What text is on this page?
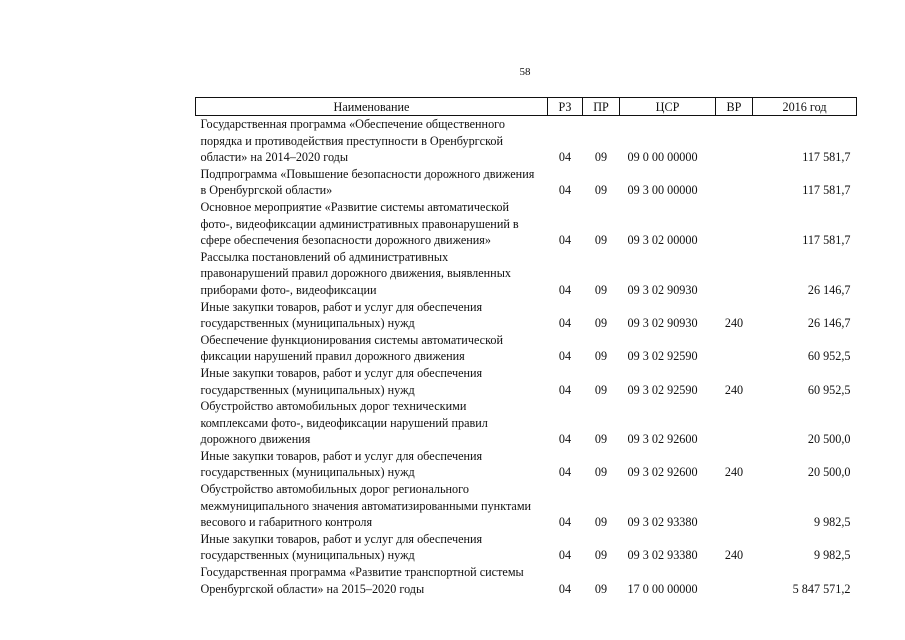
58
Наименование	РЗ	ПР	ЦСР	ВР	2016 год

Государственная программа «Обеспечение общественного порядка и противодействия преступности в Оренбургской области» на 2014–2020 годы	04	09	09 0 00 00000		117 581,7

Подпрограмма «Повышение безопасности дорожного движения в Оренбургской области»	04	09	09 3 00 00000		117 581,7

Основное мероприятие «Развитие системы автоматической фото-, видеофиксации административных правонарушений в сфере обеспечения безопасности дорожного движения»	04	09	09 3 02 00000		117 581,7

Рассылка постановлений об административных правонарушений правил дорожного движения, выявленных приборами фото-, видеофиксации	04	09	09 3 02 90930		26 146,7

Иные закупки товаров, работ и услуг для обеспечения государственных (муниципальных) нужд	04	09	09 3 02 90930	240	26 146,7

Обеспечение функционирования системы автоматической фиксации нарушений правил дорожного движения	04	09	09 3 02 92590		60 952,5

Иные закупки товаров, работ и услуг для обеспечения государственных (муниципальных) нужд	04	09	09 3 02 92590	240	60 952,5

Обустройство автомобильных дорог техническими комплексами фото-, видеофиксации нарушений правил дорожного движения	04	09	09 3 02 92600		20 500,0

Иные закупки товаров, работ и услуг для обеспечения государственных (муниципальных) нужд	04	09	09 3 02 92600	240	20 500,0

Обустройство автомобильных дорог регионального межмуниципального значения автоматизированными пунктами весового и габаритного контроля	04	09	09 3 02 93380		9 982,5

Иные закупки товаров, работ и услуг для обеспечения государственных (муниципальных) нужд	04	09	09 3 02 93380	240	9 982,5

Государственная программа «Развитие транспортной системы Оренбургской области» на 2015–2020 годы	04	09	17 0 00 00000		5 847 571,2
